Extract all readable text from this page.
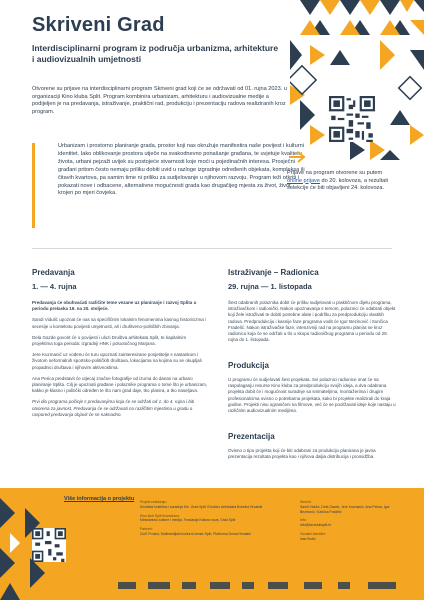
Skriveni Grad
Interdisciplinarni program iz područja urbanizma, arhitekture i audiovizualnih umjetnosti
Otvorene su prijave na interdisciplinarni program Skriveni grad koji će se održavati od 01. rujna 2023. u organizaciji Kino kluba Split. Program kombinira urbanizam, arhitekturu i audiovizualne medije a podijeljen je na predavanja, istraživanje, praktični rad, produkciju i prezentaciju radova realiziranih kroz program.
Urbanizam i prostorno planiranje grada, prostor koji nas okružuje manifestira naše povijest i kulturni identitet. Iako oblikovanje prostora utječe na svakodnevno ponašanje građana, te uvjetuje kvalitetu života, urbani pejzaži uvijek su postojeće stvarnosti koje moći u pojedinačnih interesa. Prosječni građani pritom često nemaju priliku dobiti uvid u razloge izgradnje određenih objekata, kompleksa ili čitavih kvartova, pa samim time ni priliku za sudjelovanje u njihovom razvoju. Program teži otkriti i pokazati nove i odbacene, alternativne mogućnosti grada kao drugačijeg mjesta za život, život krojen po mjeri čovjeka.
Prijave na program otvorene su putem online prijave do 20. kolovoza, a rezultati selekcije će biti objavljeni 24. kolovoza.
Predavanja
1. — 4. rujna

Predavanja će obuhvaćati različite teme vezane uz planiranje i razvoj Splita u periodu prelaska 19. na 20. stoljeće.

Sandi Vidulić upoznat će nas sa specifičnim lokalnim fenomenima kasnog historicizma i secesije u kontekstu povijesti umjetnosti, ali i društveno-političkih zbivanja.

Dela Gazde govorit će o povijesti i ulozi Društva arhitekata Split, te kapitalnim projektima toga perioda: izgradnji HNK i poluotočnog Marjana.

Jere Kuzmanić uz vođenu će turu upoznati zainteresirane posjetitelje s nastankom i životom neformalnih sportsko-političkih društava, lokacijama na kojima su se okupljali propadnici društava i njihovim aktivnostima.

Ana Perica predstavit će utjecaj značne fotografije od izuma do danas na urbano planiranje Splita. Cilj je upoznati građane i polaznike programa o tome što je urbanizam, kakko je klasno i politički određen te što nam grad daje, tko planira, a tko naseljava.

Prvi dio programa počinje s predavanjima koja će se održati od 1. do 4. rujna i biti otvorena za javnost. Predavanja će se održavati na različitim mjestima u gradu a raspored predavanja objavit će se naknadno.

Istraživanje – Radionica
29. rujna — 1. listopada
Šest odabranih polaznika dobit će priliku sudjelovati u praktičnom dijelu programa, istraživačkom i radionički. Nakon upoznavanja s temom, polaznici će odabrati objekt koji žele istraživati te dobiti potrebne alate i podršku za predprodukciju vlastitih radova. Predprodukciju i kasnije faze programa vodit će Igor Bezinović i Sunčica Fradelić. Nakon istraživačke faze, intenzivniji rad na programu planira se kroz radionicu koja će se održati u tlo u skopu radioničkog programa u periodu od 29. rujna do 1. listopada.
Produkcija
U programu će sudjelovati šest projekata. Svi polaznici radionice imat će na raspolaganju resurse Kino kluba za predprodukciju svojih ideja, a dva odabrana projekta dobit će i mogućnost suradnje sa snimateljima, montažerima i drugim profesionalcima ovisno o potrebama projekata, kako bi projekte realizirali do kraja godine. Projekti nisu ograničeni na filmove, već će se podržavati ideje koje nastaju u različitim audiovizualnim medijima.
Prezentacija
Ovisno o tipu projekta koji će biti odabrani za produkciju planirana je javna prezentacija rezultata projekta kao i njihova daljia distribucija i promidžba.
Više informacija o projektu Projekt realiziraju:
Kinoteka kolektiva i suradnja Kin. Grad Split i Društvo Arhitekata Bokešni Hrvatski
Kino klub Split financirano:
Ministarstvo kulture i medija, Fondacija Kultura nova, Grad Split
Partneri:
CinE Prostor, Multimedijalni kulturni centar Split, Platforma Doma Hrvatski
Stručni:
Sandi Vidulić, Dela Gazde, Jere Kuzmanić, Ana Perica, Igor Bezinović, Sunčica Fradelić
Info:
info@kinoklubsplit.hr
Vizualni identitet:
Ivan Božić
